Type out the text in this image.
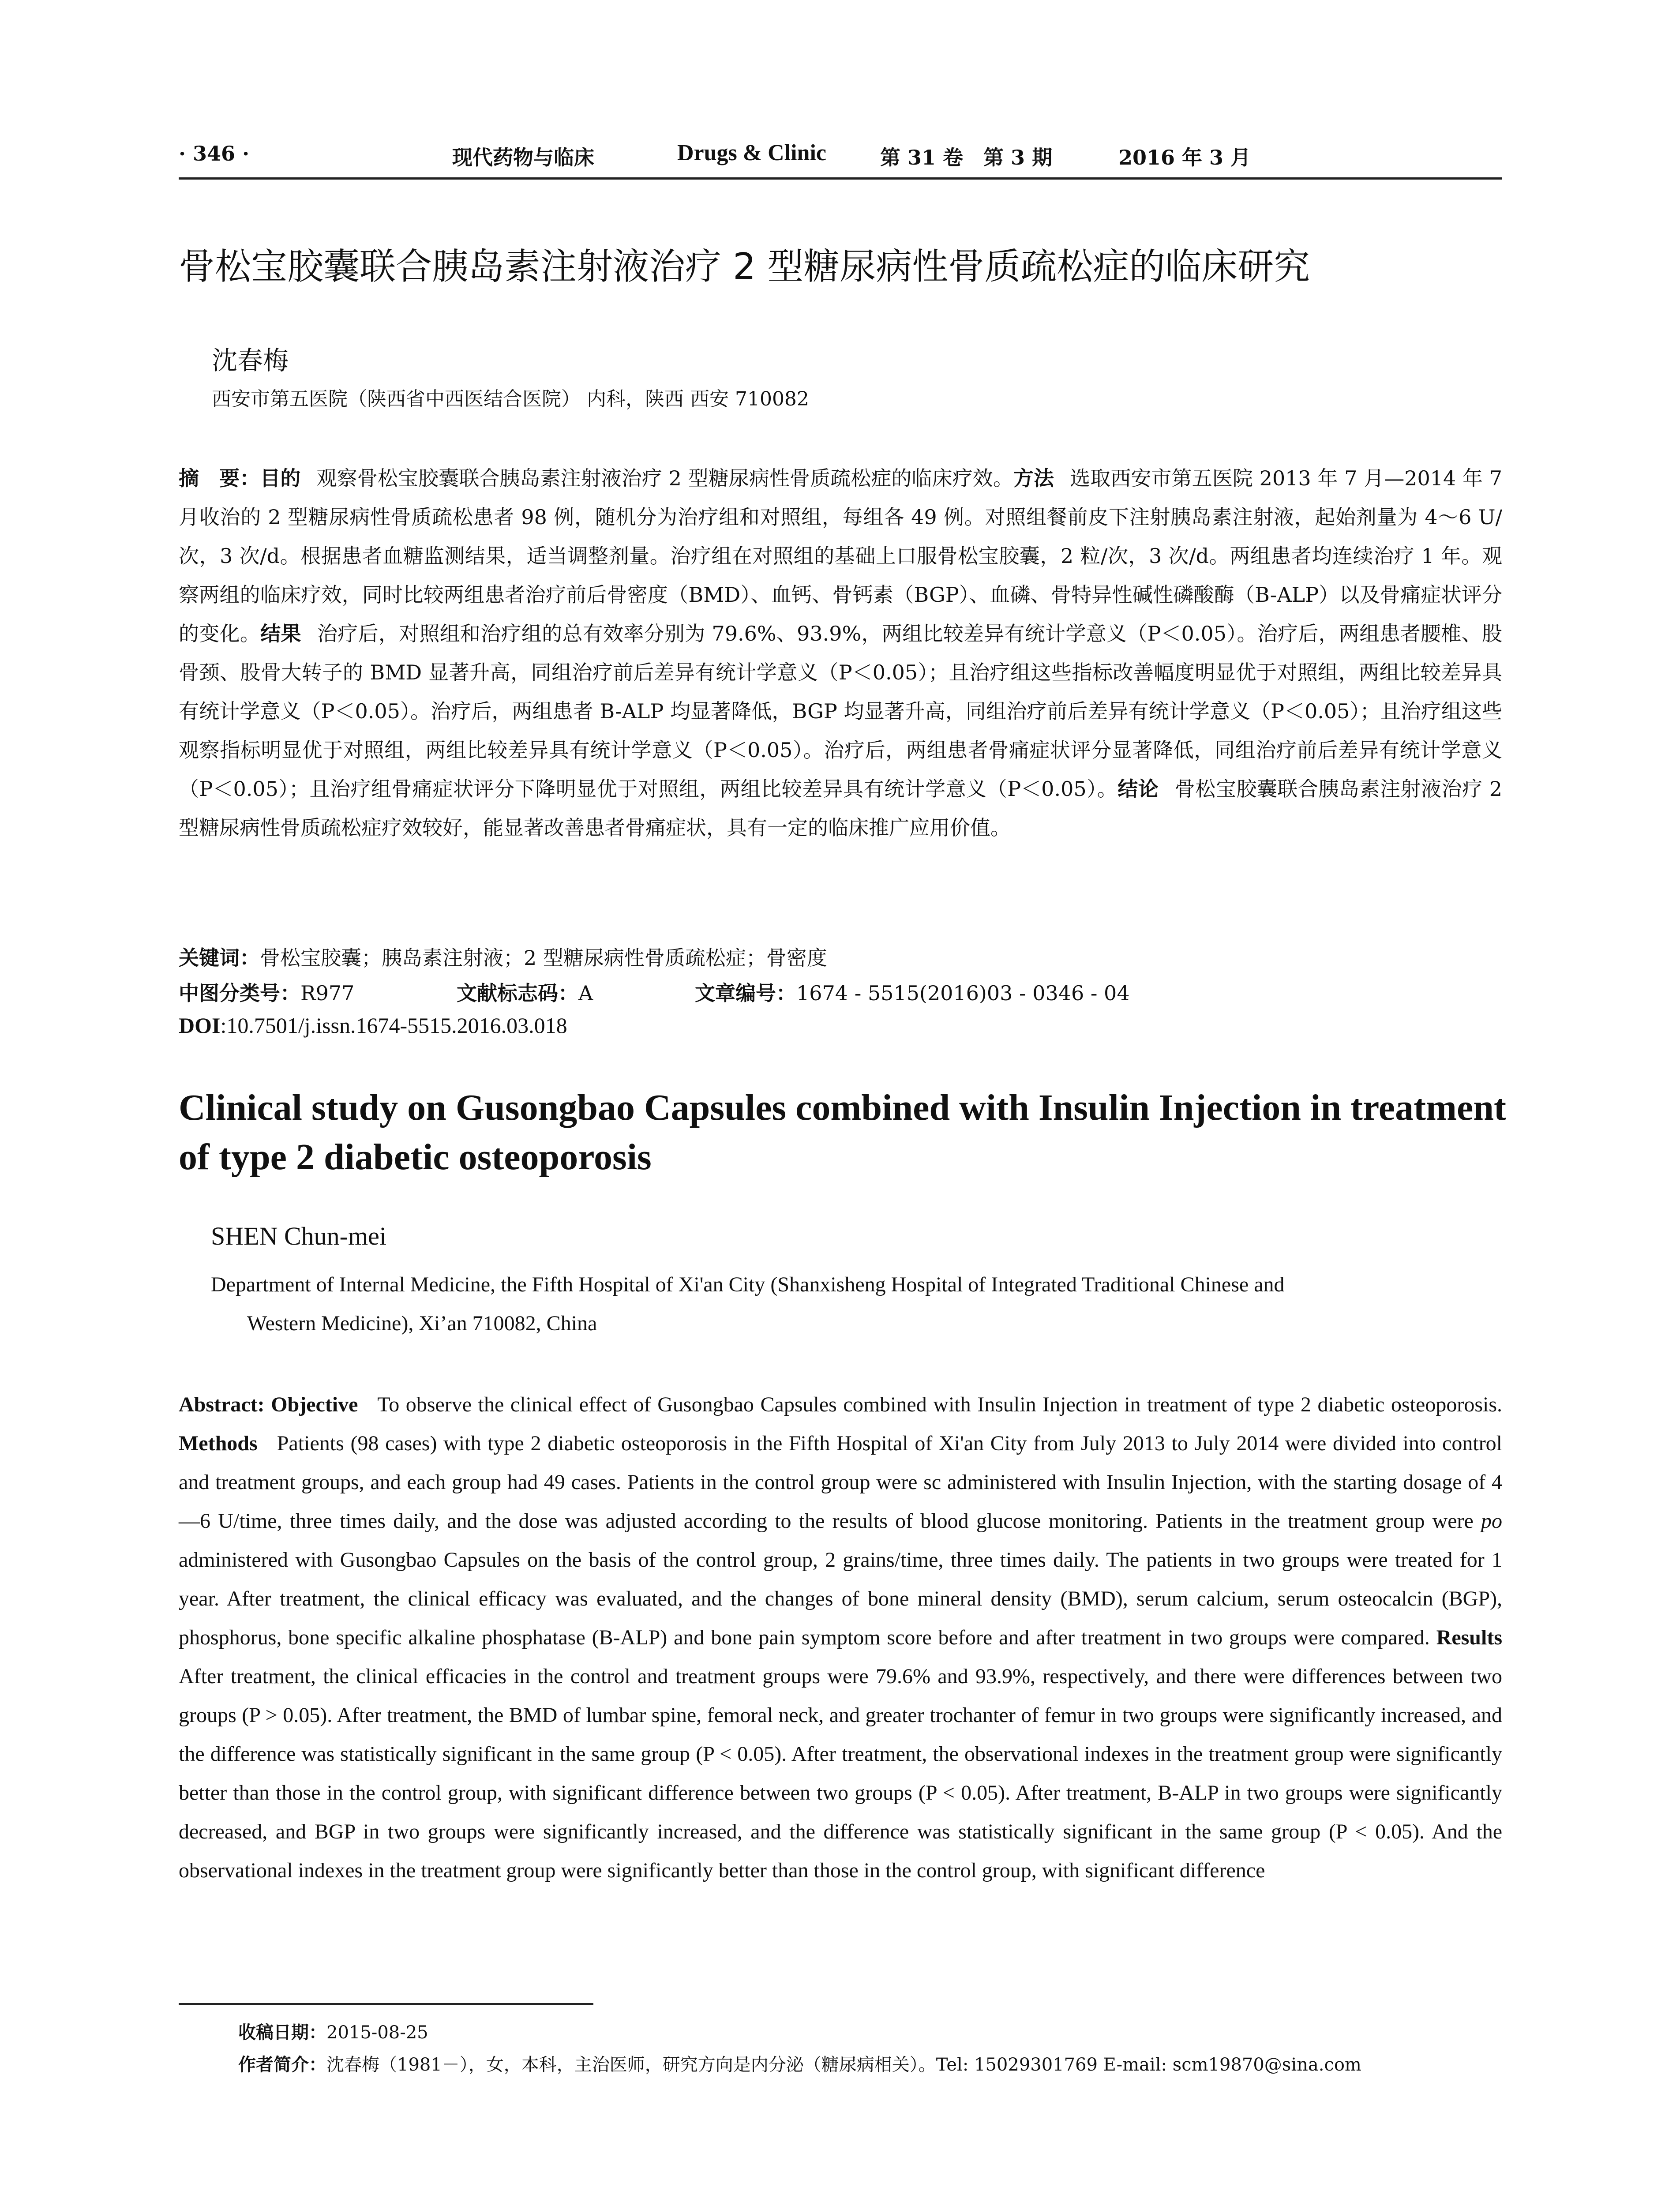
· 346 ·	现代药物与临床	Drugs & Clinic	第 31 卷　第 3 期	2016 年 3 月
骨松宝胶囊联合胰岛素注射液治疗 2 型糖尿病性骨质疏松症的临床研究
沈春梅
西安市第五医院（陕西省中西医结合医院） 内科，陕西 西安 710082
摘　要：目的 观察骨松宝胶囊联合胰岛素注射液治疗 2 型糖尿病性骨质疏松症的临床疗效。方法 选取西安市第五医院 2013 年 7 月—2014 年 7 月收治的 2 型糖尿病性骨质疏松患者 98 例，随机分为治疗组和对照组，每组各 49 例。对照组餐前皮下注射胰岛素注射液，起始剂量为 4～6 U/次，3 次/d。根据患者血糖监测结果，适当调整剂量。治疗组在对照组的基础上口服骨松宝胶囊，2 粒/次，3 次/d。两组患者均连续治疗 1 年。观察两组的临床疗效，同时比较两组患者治疗前后骨密度（BMD）、血钙、骨钙素（BGP）、血磷、骨特异性碱性磷酸酶（B-ALP）以及骨痛症状评分的变化。结果 治疗后，对照组和治疗组的总有效率分别为 79.6%、93.9%，两组比较差异有统计学意义（P＜0.05）。治疗后，两组患者腰椎、股骨颈、股骨大转子的 BMD 显著升高，同组治疗前后差异有统计学意义（P＜0.05）；且治疗组这些指标改善幅度明显优于对照组，两组比较差异具有统计学意义（P＜0.05）。治疗后，两组患者 B-ALP 均显著降低，BGP 均显著升高，同组治疗前后差异有统计学意义（P＜0.05）；且治疗组这些观察指标明显优于对照组，两组比较差异具有统计学意义（P＜0.05）。治疗后，两组患者骨痛症状评分显著降低，同组治疗前后差异有统计学意义（P＜0.05）；且治疗组骨痛症状评分下降明显优于对照组，两组比较差异具有统计学意义（P＜0.05）。结论 骨松宝胶囊联合胰岛素注射液治疗 2 型糖尿病性骨质疏松症疗效较好，能显著改善患者骨痛症状，具有一定的临床推广应用价值。
关键词：骨松宝胶囊；胰岛素注射液；2 型糖尿病性骨质疏松症；骨密度
中图分类号：R977	文献标志码：A	文章编号：1674 - 5515(2016)03 - 0346 - 04
DOI:10.7501/j.issn.1674-5515.2016.03.018
Clinical study on Gusongbao Capsules combined with Insulin Injection in treatment of type 2 diabetic osteoporosis
SHEN Chun-mei
Department of Internal Medicine, the Fifth Hospital of Xi'an City (Shanxisheng Hospital of Integrated Traditional Chinese and
Western Medicine), Xi’an 710082, China
Abstract: Objective To observe the clinical effect of Gusongbao Capsules combined with Insulin Injection in treatment of type 2 diabetic osteoporosis. Methods Patients (98 cases) with type 2 diabetic osteoporosis in the Fifth Hospital of Xi'an City from July 2013 to July 2014 were divided into control and treatment groups, and each group had 49 cases. Patients in the control group were sc administered with Insulin Injection, with the starting dosage of 4—6 U/time, three times daily, and the dose was adjusted according to the results of blood glucose monitoring. Patients in the treatment group were po administered with Gusongbao Capsules on the basis of the control group, 2 grains/time, three times daily. The patients in two groups were treated for 1 year. After treatment, the clinical efficacy was evaluated, and the changes of bone mineral density (BMD), serum calcium, serum osteocalcin (BGP), phosphorus, bone specific alkaline phosphatase (B-ALP) and bone pain symptom score before and after treatment in two groups were compared. Results After treatment, the clinical efficacies in the control and treatment groups were 79.6% and 93.9%, respectively, and there were differences between two groups (P > 0.05). After treatment, the BMD of lumbar spine, femoral neck, and greater trochanter of femur in two groups were significantly increased, and the difference was statistically significant in the same group (P < 0.05). After treatment, the observational indexes in the treatment group were significantly better than those in the control group, with significant difference between two groups (P < 0.05). After treatment, B-ALP in two groups were significantly decreased, and BGP in two groups were significantly increased, and the difference was statistically significant in the same group (P < 0.05). And the observational indexes in the treatment group were significantly better than those in the control group, with significant difference
收稿日期：2015-08-25
作者简介：沈春梅（1981－），女，本科，主治医师，研究方向是内分泌（糖尿病相关）。Tel: 15029301769 E-mail: scm19870@sina.com
